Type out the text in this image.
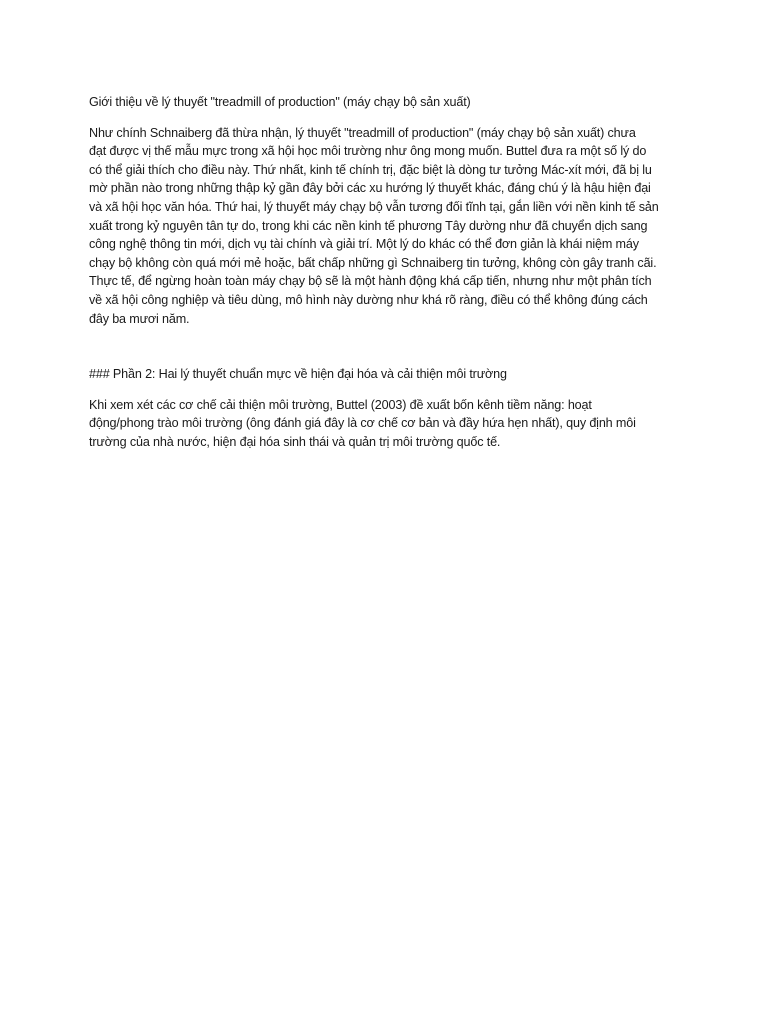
Giới thiệu về lý thuyết "treadmill of production" (máy chạy bộ sản xuất)

Như chính Schnaiberg đã thừa nhận, lý thuyết "treadmill of production" (máy chạy bộ sản xuất) chưa
đạt được vị thế mẫu mực trong xã hội học môi trường như ông mong muốn. Buttel đưa ra một số lý do
có thể giải thích cho điều này. Thứ nhất, kinh tế chính trị, đặc biệt là dòng tư tưởng Mác-xít mới, đã bị lu
mờ phần nào trong những thập kỷ gần đây bởi các xu hướng lý thuyết khác, đáng chú ý là hậu hiện đại
và xã hội học văn hóa. Thứ hai, lý thuyết máy chạy bộ vẫn tương đối tĩnh tại, gắn liền với nền kinh tế sản
xuất trong kỷ nguyên tân tự do, trong khi các nền kinh tế phương Tây dường như đã chuyển dịch sang
công nghệ thông tin mới, dịch vụ tài chính và giải trí. Một lý do khác có thể đơn giản là khái niệm máy
chạy bộ không còn quá mới mẻ hoặc, bất chấp những gì Schnaiberg tin tưởng, không còn gây tranh cãi.
Thực tế, để ngừng hoàn toàn máy chạy bộ sẽ là một hành động khá cấp tiến, nhưng như một phân tích
về xã hội công nghiệp và tiêu dùng, mô hình này dường như khá rõ ràng, điều có thể không đúng cách
đây ba mươi năm.

### Phần 2: Hai lý thuyết chuẩn mực về hiện đại hóa và cải thiện môi trường

Khi xem xét các cơ chế cải thiện môi trường, Buttel (2003) đề xuất bốn kênh tiềm năng: hoạt
động/phong trào môi trường (ông đánh giá đây là cơ chế cơ bản và đầy hứa hẹn nhất), quy định môi
trường của nhà nước, hiện đại hóa sinh thái và quản trị môi trường quốc tế.
